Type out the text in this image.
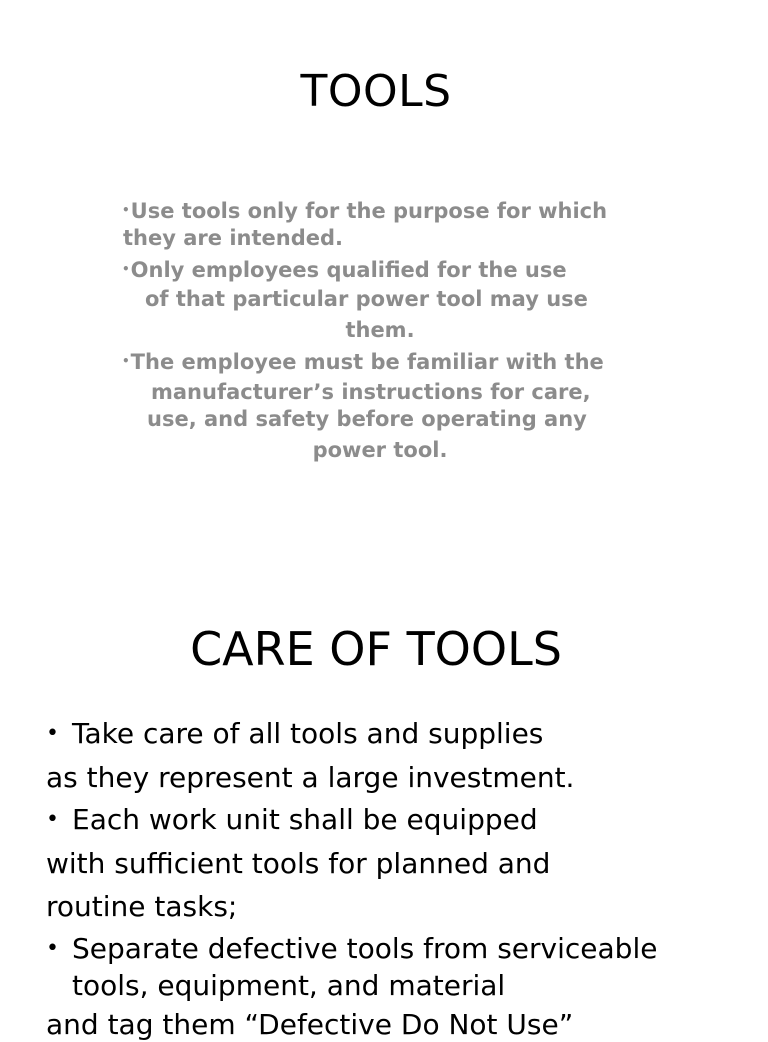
TOOLS
•Use tools only for the purpose for which
they are intended.
•Only employees qualified for the use
of that particular power tool may use
them.
•The employee must be familiar with the
manufacturer’s instructions for care,
use, and safety before operating any
power tool.
CARE OF TOOLS
• Take care of all tools and supplies
as they represent a large investment.
• Each work unit shall be equipped
with sufficient tools for planned and
routine tasks;
• Separate defective tools from serviceable
tools, equipment, and material
and tag them “Defective Do Not Use”
